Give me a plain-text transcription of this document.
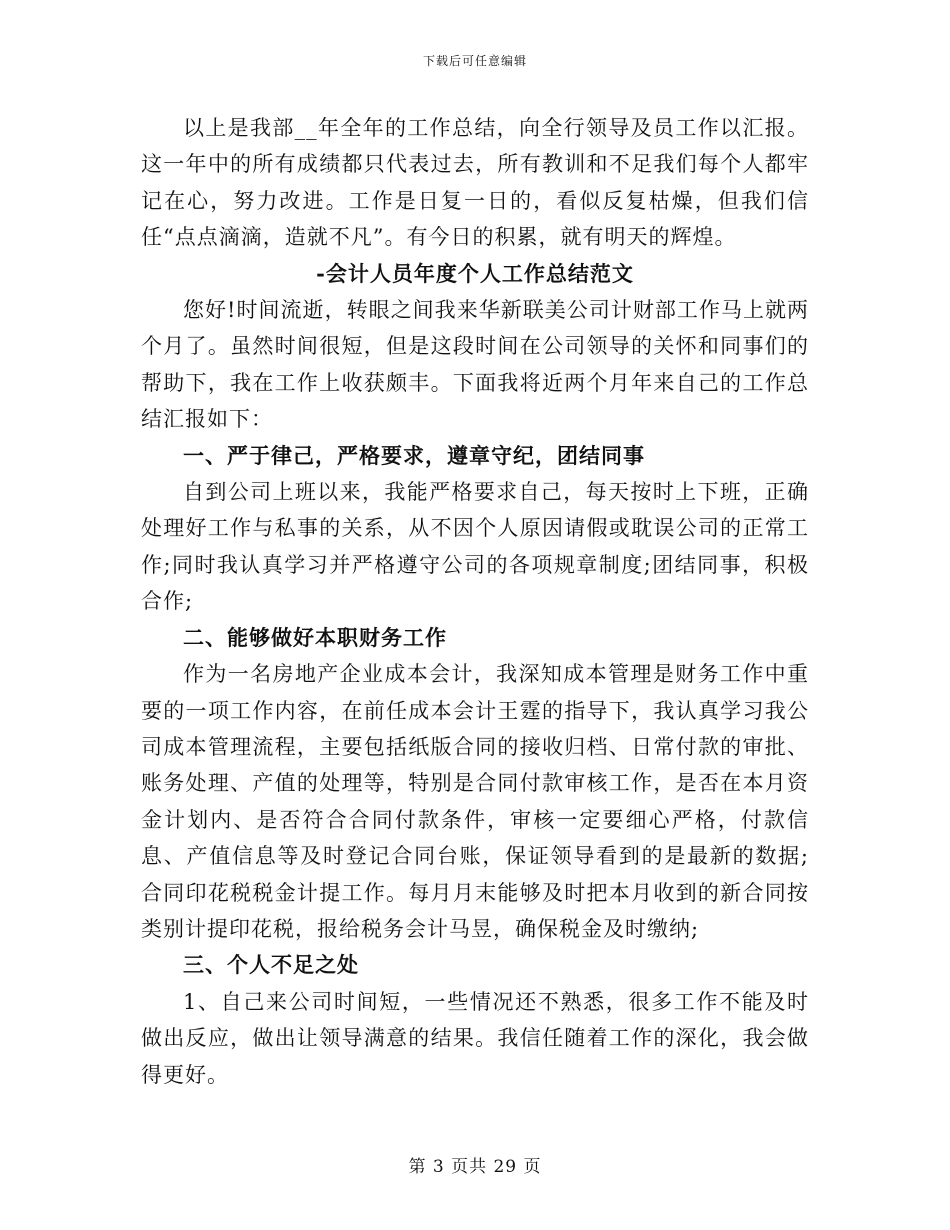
下载后可任意编辑

以上是我部__年全年的工作总结，向全行领导及员工作以汇报。这一年中的所有成绩都只代表过去，所有教训和不足我们每个人都牢记在心，努力改进。工作是日复一日的，看似反复枯燥，但我们信任“点点滴滴，造就不凡”。有今日的积累，就有明天的辉煌。

-会计人员年度个人工作总结范文

您好!时间流逝，转眼之间我来华新联美公司计财部工作马上就两个月了。虽然时间很短，但是这段时间在公司领导的关怀和同事们的帮助下，我在工作上收获颇丰。下面我将近两个月年来自己的工作总结汇报如下：

一、严于律己，严格要求，遵章守纪，团结同事

自到公司上班以来，我能严格要求自己，每天按时上下班，正确处理好工作与私事的关系，从不因个人原因请假或耽误公司的正常工作;同时我认真学习并严格遵守公司的各项规章制度;团结同事，积极合作;

二、能够做好本职财务工作

作为一名房地产企业成本会计，我深知成本管理是财务工作中重要的一项工作内容，在前任成本会计王霆的指导下，我认真学习我公司成本管理流程，主要包括纸版合同的接收归档、日常付款的审批、账务处理、产值的处理等，特别是合同付款审核工作，是否在本月资金计划内、是否符合合同付款条件，审核一定要细心严格，付款信息、产值信息等及时登记合同台账，保证领导看到的是最新的数据;合同印花税税金计提工作。每月月末能够及时把本月收到的新合同按类别计提印花税，报给税务会计马昱，确保税金及时缴纳;

三、个人不足之处

1、自己来公司时间短，一些情况还不熟悉，很多工作不能及时做出反应，做出让领导满意的结果。我信任随着工作的深化，我会做得更好。

第 3 页共 29 页
